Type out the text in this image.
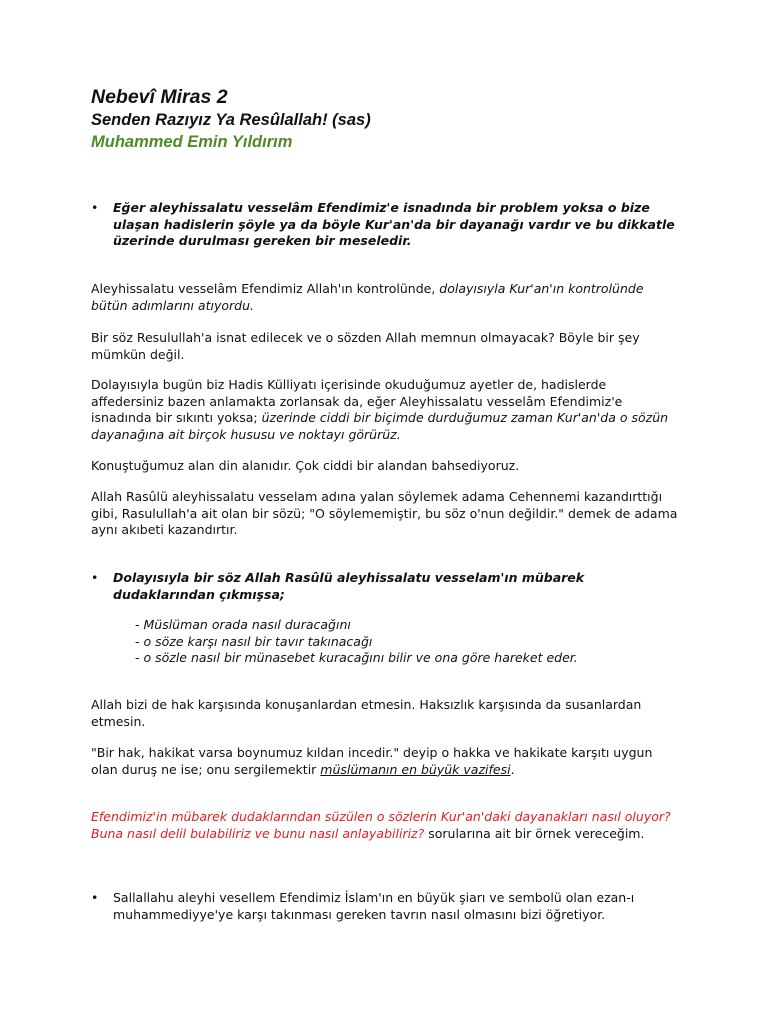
Nebevî Miras 2

Senden Razıyız Ya Resûlallah! (sas)

Muhammed Emin Yıldırım

• Eğer aleyhissalatu vesselâm Efendimiz'e isnadında bir problem yoksa o bize ulaşan hadislerin şöyle ya da böyle Kur'an'da bir dayanağı vardır ve bu dikkatle üzerinde durulması gereken bir meseledir.

Aleyhissalatu vesselâm Efendimiz Allah'ın kontrolünde, dolayısıyla Kur'an'ın kontrolünde bütün adımlarını atıyordu.

Bir söz Resulullah'a isnat edilecek ve o sözden Allah memnun olmayacak? Böyle bir şey mümkün değil.

Dolayısıyla bugün biz Hadis Külliyatı içerisinde okuduğumuz ayetler de, hadislerde affedersiniz bazen anlamakta zorlansak da, eğer Aleyhissalatu vesselâm Efendimiz'e isnadında bir sıkıntı yoksa; üzerinde ciddi bir biçimde durduğumuz zaman Kur'an'da o sözün dayanağına ait birçok hususu ve noktayı görürüz.

Konuştuğumuz alan din alanıdır. Çok ciddi bir alandan bahsediyoruz.

Allah Rasûlü aleyhissalatu vesselam adına yalan söylemek adama Cehennemi kazandırttığı gibi, Rasulullah'a ait olan bir sözü; "O söylememiştir, bu söz o'nun değildir." demek de adama aynı akıbeti kazandırtır.

• Dolayısıyla bir söz Allah Rasûlü aleyhissalatu vesselam'ın mübarek dudaklarından çıkmışsa;
- Müslüman orada nasıl duracağını
- o söze karşı nasıl bir tavır takınacağı
- o sözle nasıl bir münasebet kuracağını bilir ve ona göre hareket eder.

Allah bizi de hak karşısında konuşanlardan etmesin. Haksızlık karşısında da susanlardan etmesin.

"Bir hak, hakikat varsa boynumuz kıldan incedir." deyip o hakka ve hakikate karşıtı uygun olan duruş ne ise; onu sergilemektir müslümanın en büyük vazifesi.

Efendimiz'in mübarek dudaklarından süzülen o sözlerin Kur'an'daki dayanakları nasıl oluyor? Buna nasıl delil bulabiliriz ve bunu nasıl anlayabiliriz? sorularına ait bir örnek vereceğim.

• Sallallahu aleyhi vesellem Efendimiz İslam'ın en büyük şiarı ve sembolü olan ezan-ı muhammediyye'ye karşı takınması gereken tavrın nasıl olmasını bizi öğretiyor.
